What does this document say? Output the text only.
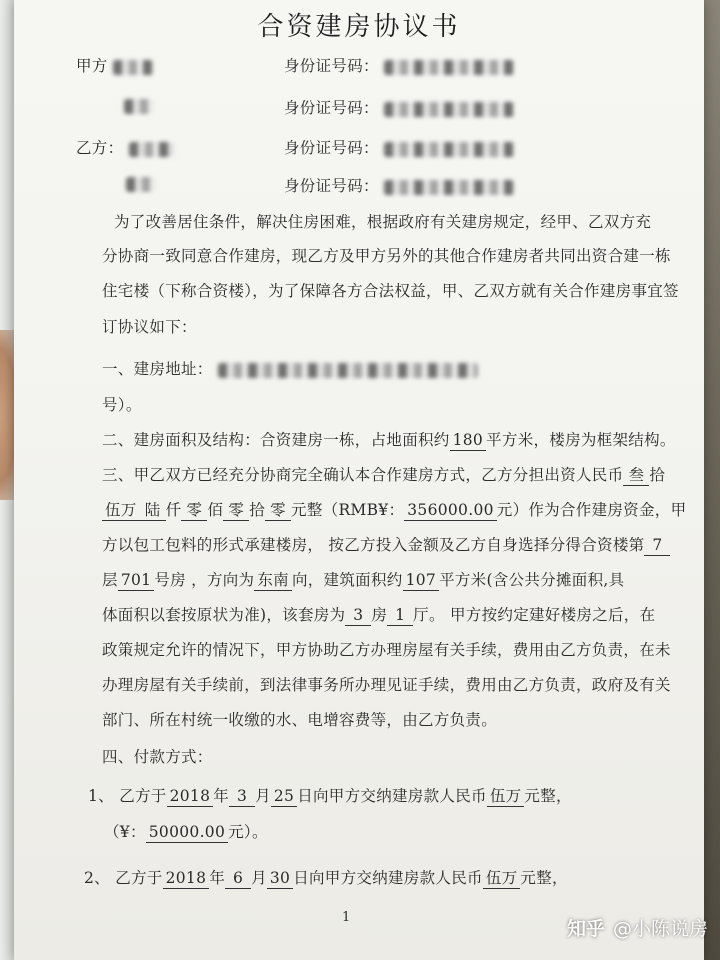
合资建房协议书
甲方	身份证号码：
身份证号码：
乙方：	身份证号码：
身份证号码：
为了改善居住条件，解决住房困难，根据政府有关建房规定，经甲、乙双方充
分协商一致同意合作建房，现乙方及甲方另外的其他合作建房者共同出资合建一栋
住宅楼（下称合资楼），为了保障各方合法权益，甲、乙双方就有关合作建房事宜签
订协议如下：
一、建房地址：
号）。
二、建房面积及结构：合资建房一栋，占地面积约 180 平方米，楼房为框架结构。
三、甲乙双方已经充分协商完全确认本合作建房方式，乙方分担出资人民币 叁 拾
伍万 陆 仟 零 佰 零 拾 零 元整（RMB¥： 356000.00 元）作为合作建房资金，甲
方以包工包料的形式承建楼房， 按乙方投入金额及乙方自身选择分得合资楼第 7
层 701 号房 ，方向为 东南 向，建筑面积约 107 平方米(含公共分摊面积,具
体面积以套按原状为准)，该套房为 3 房 1 厅。 甲方按约定建好楼房之后，在
政策规定允许的情况下，甲方协助乙方办理房屋有关手续，费用由乙方负责，在未
办理房屋有关手续前，到法律事务所办理见证手续，费用由乙方负责，政府及有关
部门、所在村统一收缴的水、电增容费等，由乙方负责。
四、付款方式：
1、 乙方于 2018 年 3 月 25 日向甲方交纳建房款人民币 伍万 元整，
（¥： 50000.00 元）。
2、 乙方于 2018 年 6 月 30 日向甲方交纳建房款人民币 伍万 元整，
1
知乎 @小陈说房
